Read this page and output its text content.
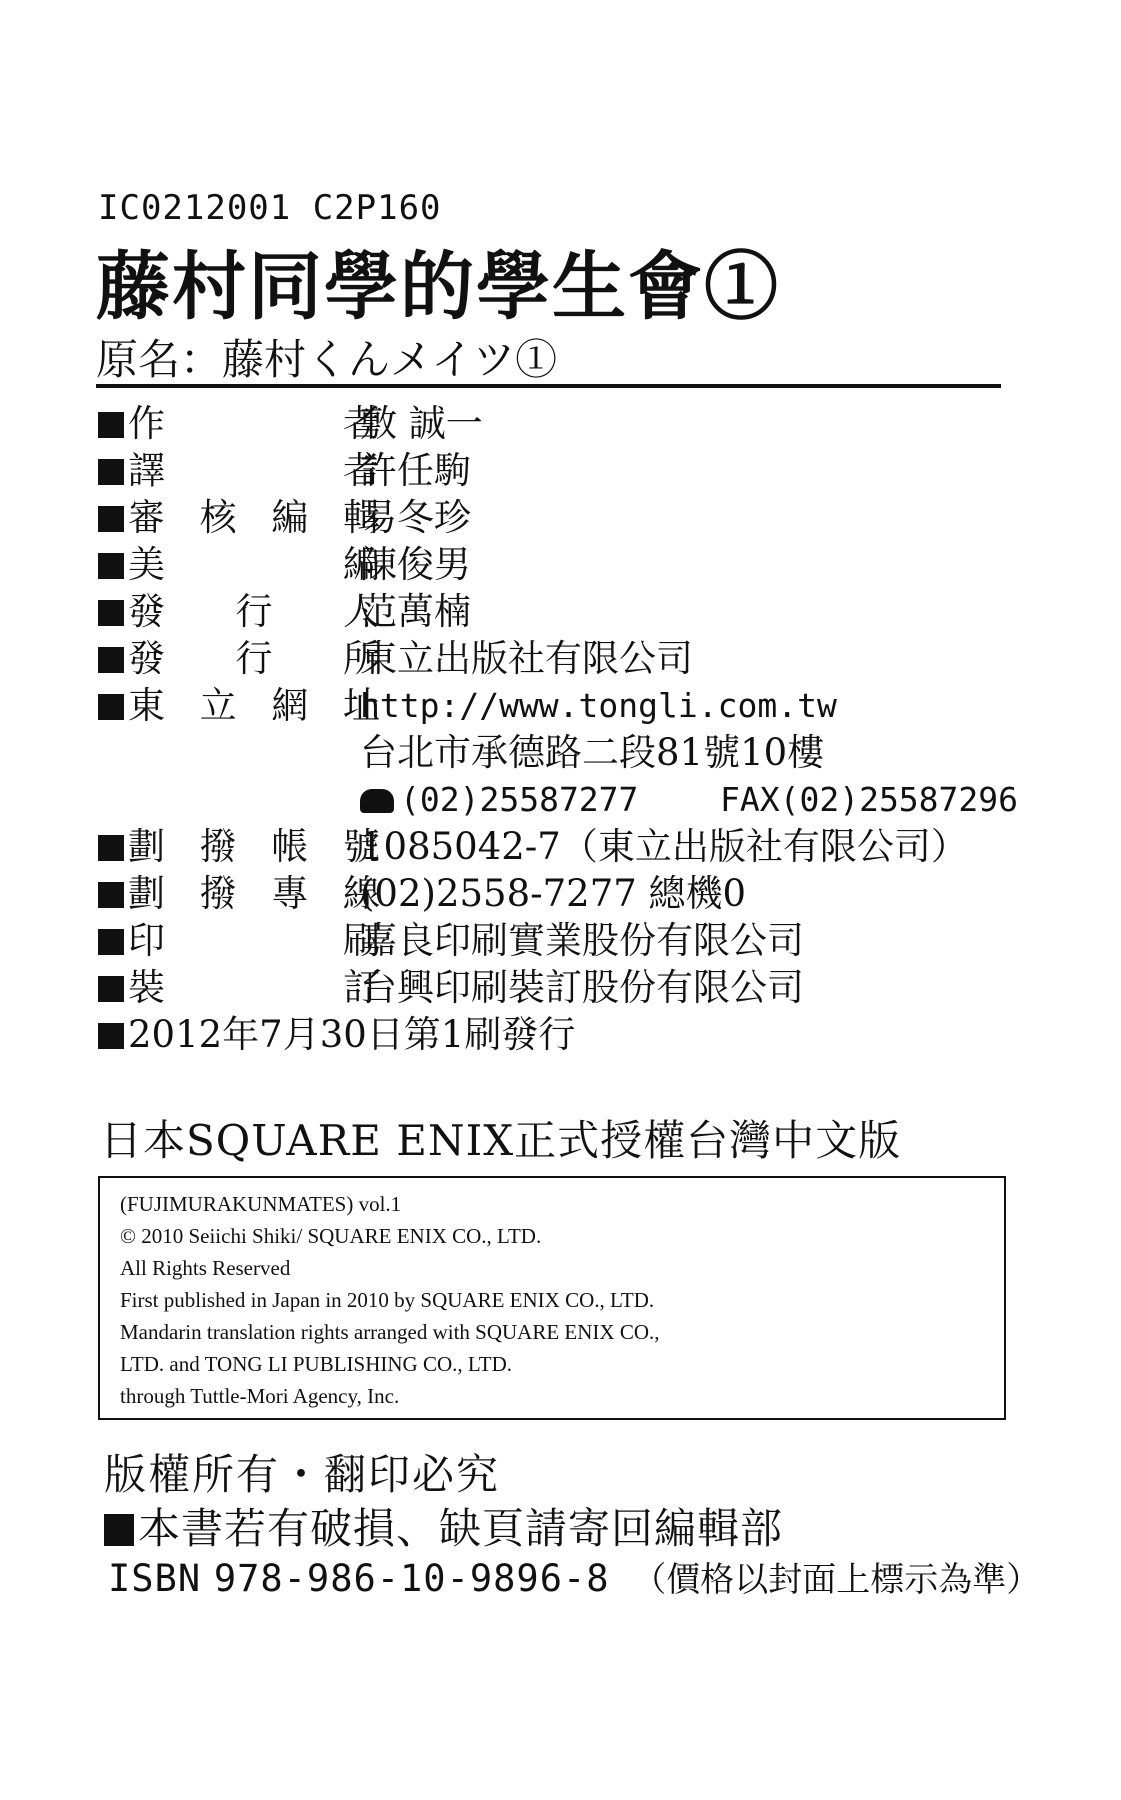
IC0212001 C2P160
藤村同學的學生會①
原名：藤村くんメイツ①
作　者
敷 誠一
譯　者
許任駒
審核編輯
易冬珍
美　編
陳俊男
發行人
范萬楠
發行所
東立出版社有限公司
東立網址
http://www.tongli.com.tw
台北市承德路二段81號10樓
(02)25587277 FAX(02)25587296
劃撥帳號
1085042-7（東立出版社有限公司）
劃撥專線
(02)2558-7277 總機0
印　刷
嘉良印刷實業股份有限公司
裝　訂
台興印刷裝訂股份有限公司
2012年7月30日第1刷發行
日本SQUARE ENIX正式授權台灣中文版
(FUJIMURAKUNMATES) vol.1
© 2010 Seiichi Shiki/ SQUARE ENIX CO., LTD.
All Rights Reserved
First published in Japan in 2010 by SQUARE ENIX CO., LTD.
Mandarin translation rights arranged with SQUARE ENIX CO.,
LTD. and TONG LI PUBLISHING CO., LTD.
through Tuttle-Mori Agency, Inc.
版權所有・翻印必究
本書若有破損、缺頁請寄回編輯部
ISBN 978-986-10-9896-8 （價格以封面上標示為準）
